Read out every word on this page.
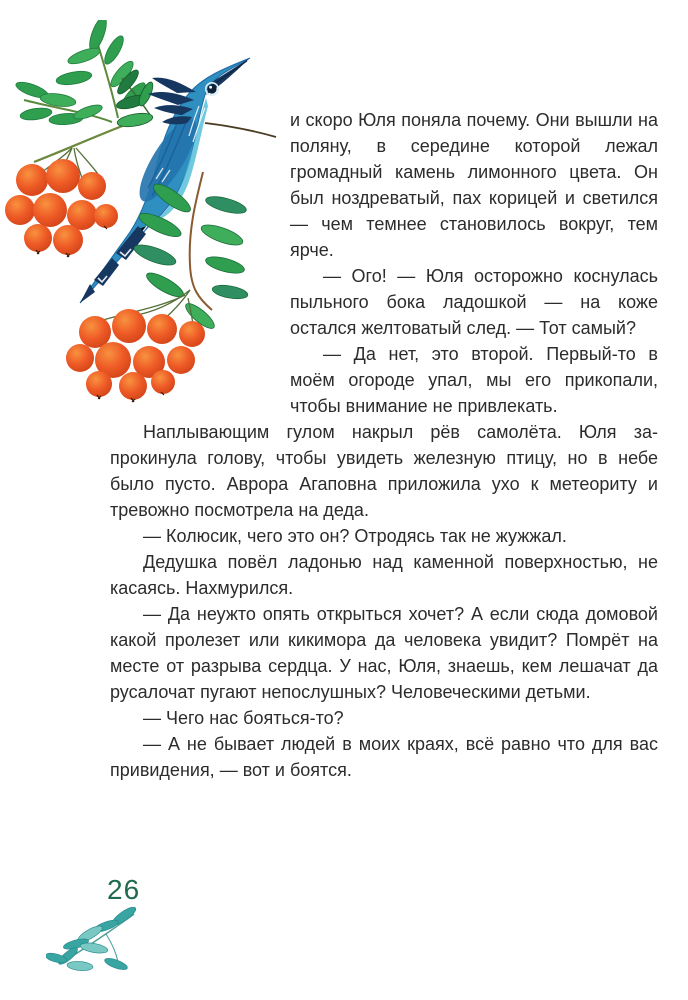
и скоро Юля поняла почему. Они вышли на поляну, в середине которой лежал громадный камень лимонного цвета. Он был ноздреватый, пах корицей и светился — чем темнее становилось вокруг, тем ярче.

— Ого! — Юля осторожно коснулась пыльного бока ладошкой — на коже остался желтоватый след. — Тот самый?

— Да нет, это второй. Первый-то в моём огороде упал, мы его прикопали, чтобы внимание не привлекать.

Наплывающим гулом накрыл рёв самолёта. Юля запрокинула голову, чтобы увидеть железную птицу, но в небе было пусто. Аврора Агаповна приложила ухо к метеориту и тревожно посмотрела на деда.

— Колюсик, чего это он? Отродясь так не жужжал.

Дедушка повёл ладонью над каменной поверхностью, не касаясь. Нахмурился.

— Да неужто опять открыться хочет? А если сюда домовой какой пролезет или кикимора да человека увидит? Помрёт на месте от разрыва сердца. У нас, Юля, знаешь, кем лешачат да русалочат пугают непослушных? Человеческими детьми.

— Чего нас бояться-то?

— А не бывает людей в моих краях, всё равно что для вас привидения, — вот и боятся.

26
